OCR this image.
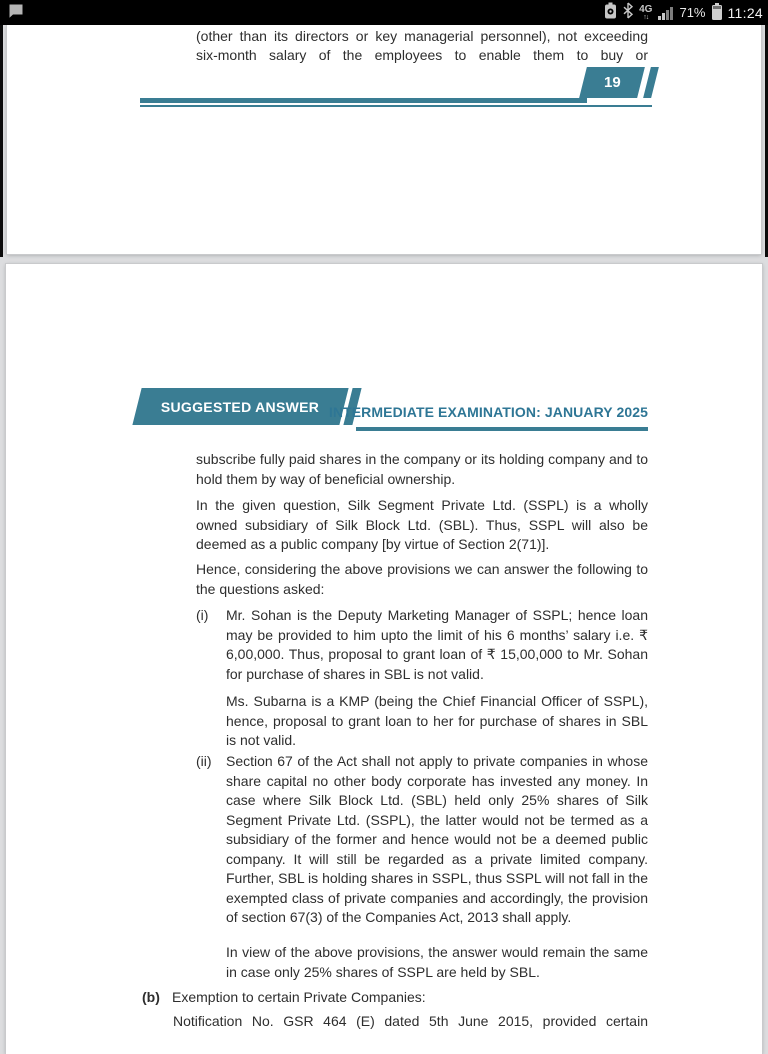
4G
↑↓ 71% 11:24
(other than its directors or key managerial personnel), not exceeding
six-month salary of the employees to enable them to buy or
19
SUGGESTED ANSWER INTERMEDIATE EXAMINATION: JANUARY 2025
subscribe fully paid shares in the company or its holding company and to hold them by way of beneficial ownership.
In the given question, Silk Segment Private Ltd. (SSPL) is a wholly owned subsidiary of Silk Block Ltd. (SBL). Thus, SSPL will also be deemed as a public company [by virtue of Section 2(71)].
Hence, considering the above provisions we can answer the following to the questions asked:
(i)	Mr. Sohan is the Deputy Marketing Manager of SSPL; hence loan may be provided to him upto the limit of his 6 months’ salary i.e. ₹ 6,00,000. Thus, proposal to grant loan of ₹ 15,00,000 to Mr. Sohan for purchase of shares in SBL is not valid.
Ms. Subarna is a KMP (being the Chief Financial Officer of SSPL), hence, proposal to grant loan to her for purchase of shares in SBL is not valid.
(ii)	Section 67 of the Act shall not apply to private companies in whose share capital no other body corporate has invested any money. In case where Silk Block Ltd. (SBL) held only 25% shares of Silk Segment Private Ltd. (SSPL), the latter would not be termed as a subsidiary of the former and hence would not be a deemed public company. It will still be regarded as a private limited company. Further, SBL is holding shares in SSPL, thus SSPL will not fall in the exempted class of private companies and accordingly, the provision of section 67(3) of the Companies Act, 2013 shall apply.
In view of the above provisions, the answer would remain the same in case only 25% shares of SSPL are held by SBL.
(b) Exemption to certain Private Companies:
Notification No. GSR 464 (E) dated 5th June 2015, provided certain
